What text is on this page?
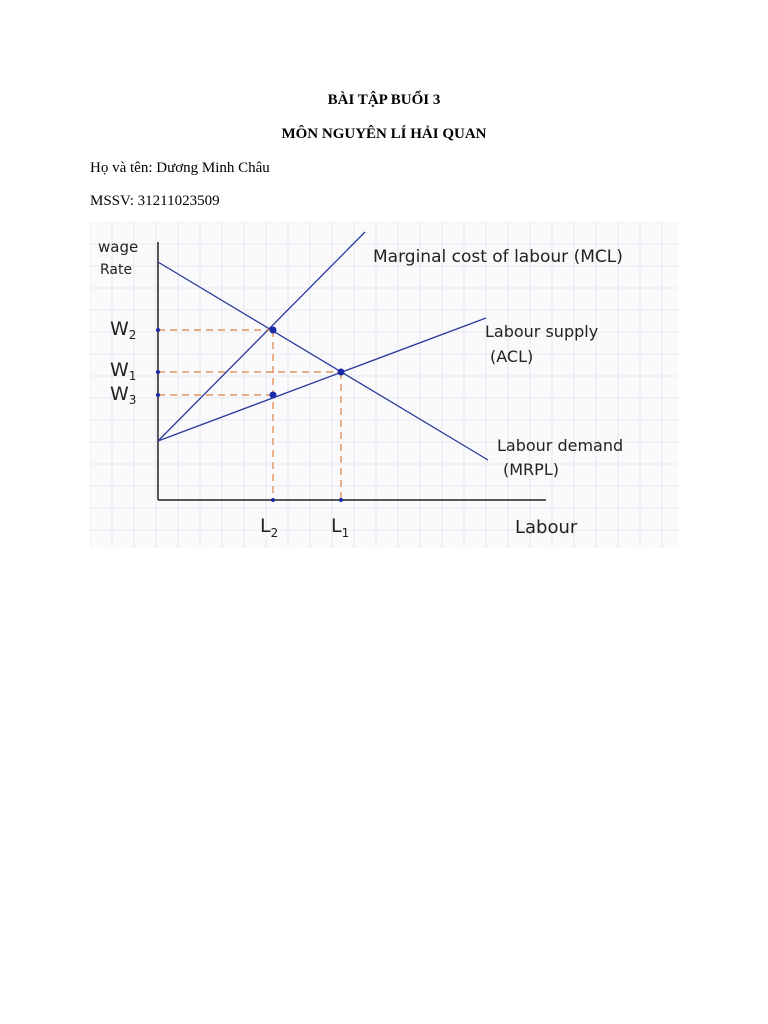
BÀI TẬP BUỔI 3

MÔN NGUYÊN LÍ HẢI QUAN

Họ và tên: Dương Minh Châu

MSSV: 31211023509

wage
Rate
Labour
$W_2$
$W_1$
$W_3$
$L_2$	$L_1$
Marginal cost of labour (MCL)
Labour supply
(ACL)
Labour demand
(MRPL)
